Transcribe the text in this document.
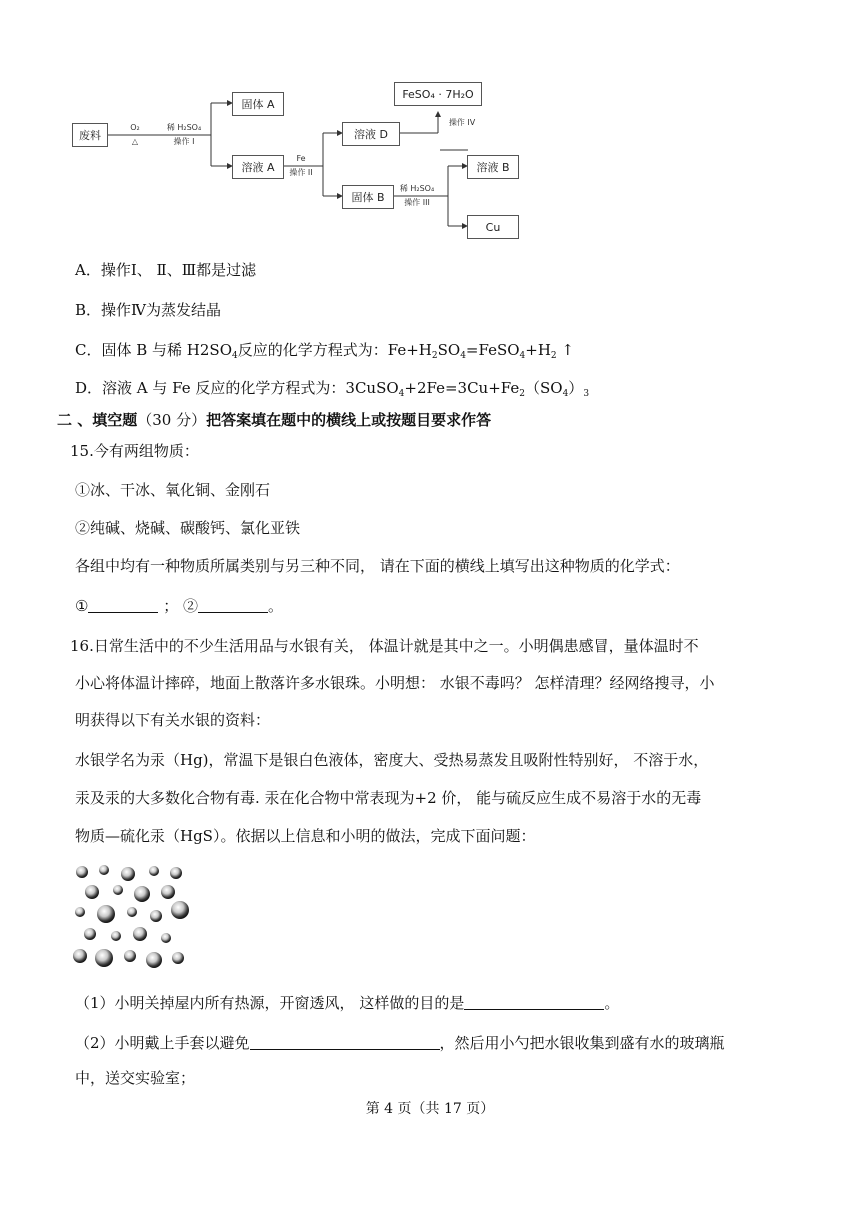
废料
固体 A
溶液 A
溶液 D
固体 B
FeSO₄ · 7H₂O
溶液 B
Cu
O₂
△
稀 H₂SO₄
操作 I
Fe
操作 II
稀 H₂SO₄
操作 III
操作 IV
A．操作Ⅰ、 Ⅱ、Ⅲ都是过滤
B．操作Ⅳ为蒸发结晶
C．固体 B 与稀 $H2SO_4$反应的化学方程式为：$Fe+H_2SO_4=FeSO_4+H_2$ ↑
D．溶液 A 与 Fe 反应的化学方程式为：$3CuSO_4+2Fe=3Cu+Fe_2(SO_4)_3$
二 、填空题（30 分）把答案填在题中的横线上或按题目要求作答
15.今有两组物质：
①冰、干冰、氧化铜、金刚石
②纯碱、烧碱、碳酸钙、氯化亚铁
各组中均有一种物质所属类别与另三种不同， 请在下面的横线上填写出这种物质的化学式：
①	； ②	。
16.日常生活中的不少生活用品与水银有关， 体温计就是其中之一。小明偶患感冒，量体温时不
小心将体温计摔碎，地面上散落许多水银珠。小明想： 水银不毒吗？ 怎样清理？经网络搜寻，小
明获得以下有关水银的资料：
水银学名为汞（Hg)，常温下是银白色液体，密度大、受热易蒸发且吸附性特别好， 不溶于水，
汞及汞的大多数化合物有毒. 汞在化合物中常表现为+2 价， 能与硫反应生成不易溶于水的无毒
物质—硫化汞（HgS）。依据以上信息和小明的做法，完成下面问题：
（1）小明关掉屋内所有热源，开窗透风， 这样做的目的是	。
（2）小明戴上手套以避免	，然后用小勺把水银收集到盛有水的玻璃瓶
中，送交实验室；
第 4 页（共 17 页）
